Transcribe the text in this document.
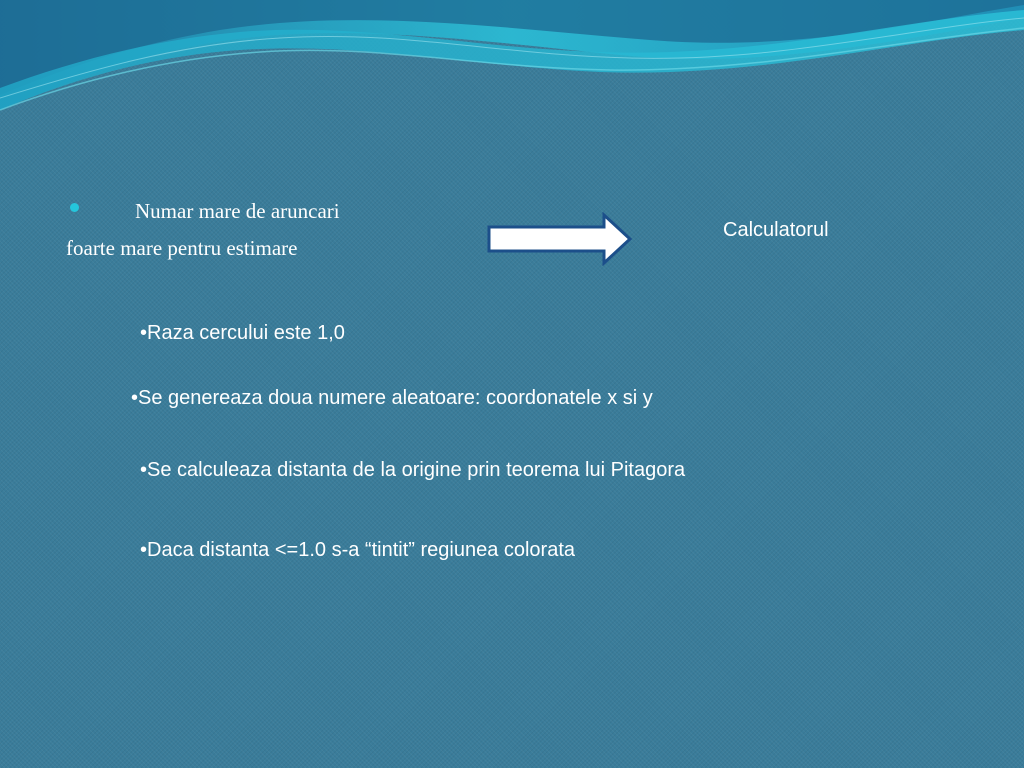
Numar mare de aruncari
foarte mare pentru estimare
Calculatorul
•Raza cercului este 1,0
•Se genereaza doua numere aleatoare: coordonatele x si y
•Se calculeaza distanta de la origine prin teorema lui Pitagora
•Daca distanta <=1.0 s-a “tintit” regiunea colorata
